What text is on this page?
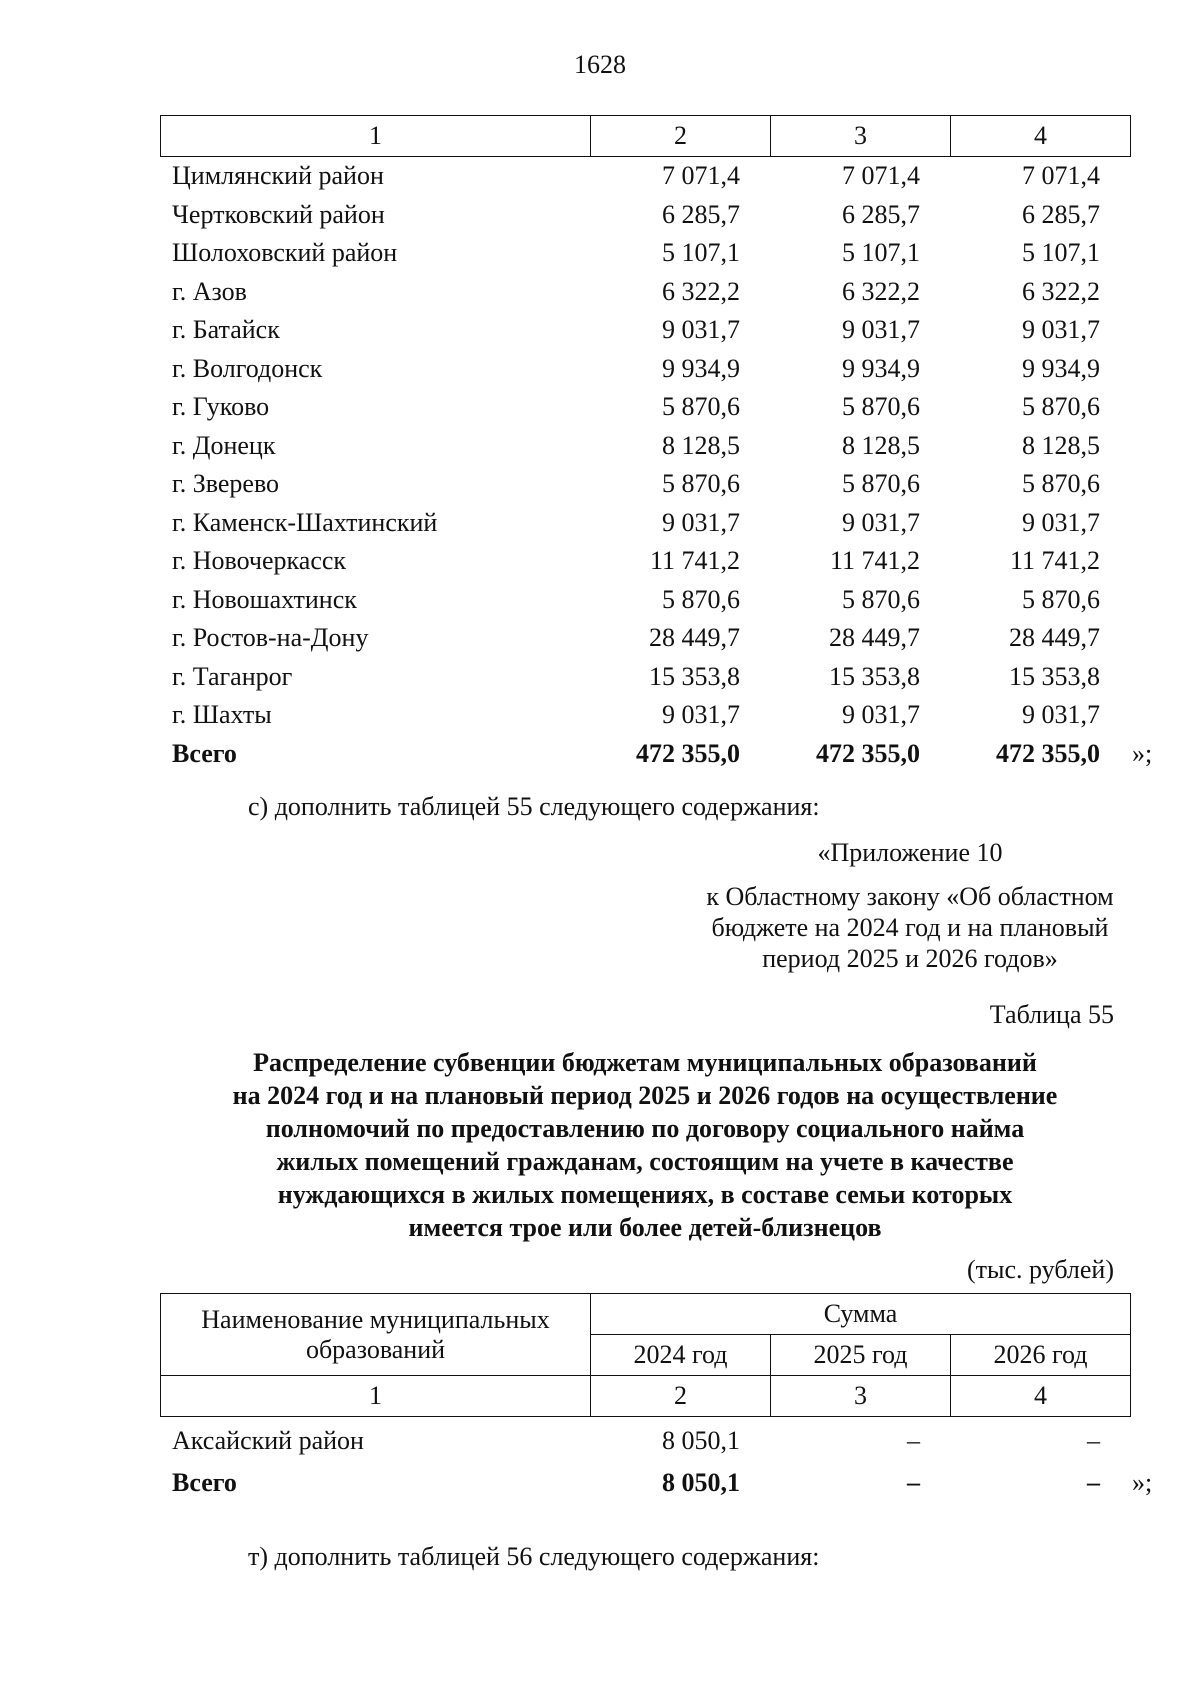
1628
1	2	3	4
Цимлянский район	7 071,4	7 071,4	7 071,4
Чертковский район	6 285,7	6 285,7	6 285,7
Шолоховский район	5 107,1	5 107,1	5 107,1
г. Азов	6 322,2	6 322,2	6 322,2
г. Батайск	9 031,7	9 031,7	9 031,7
г. Волгодонск	9 934,9	9 934,9	9 934,9
г. Гуково	5 870,6	5 870,6	5 870,6
г. Донецк	8 128,5	8 128,5	8 128,5
г. Зверево	5 870,6	5 870,6	5 870,6
г. Каменск-Шахтинский	9 031,7	9 031,7	9 031,7
г. Новочеркасск	11 741,2	11 741,2	11 741,2
г. Новошахтинск	5 870,6	5 870,6	5 870,6
г. Ростов-на-Дону	28 449,7	28 449,7	28 449,7
г. Таганрог	15 353,8	15 353,8	15 353,8
г. Шахты	9 031,7	9 031,7	9 031,7
Всего	472 355,0	472 355,0	472 355,0 »;
с) дополнить таблицей 55 следующего содержания:
«Приложение 10
к Областному закону «Об областном
бюджете на 2024 год и на плановый
период 2025 и 2026 годов»
Таблица 55
Распределение субвенции бюджетам муниципальных образований
на 2024 год и на плановый период 2025 и 2026 годов на осуществление
полномочий по предоставлению по договору социального найма
жилых помещений гражданам, состоящим на учете в качестве
нуждающихся в жилых помещениях, в составе семьи которых
имеется трое или более детей-близнецов
(тыс. рублей)
Наименование муниципальных
образований	Сумма		
	2024 год	2025 год	2026 год
1	2	3	4
Аксайский район	8 050,1	–	–
Всего	8 050,1	–	– »;
т) дополнить таблицей 56 следующего содержания:
